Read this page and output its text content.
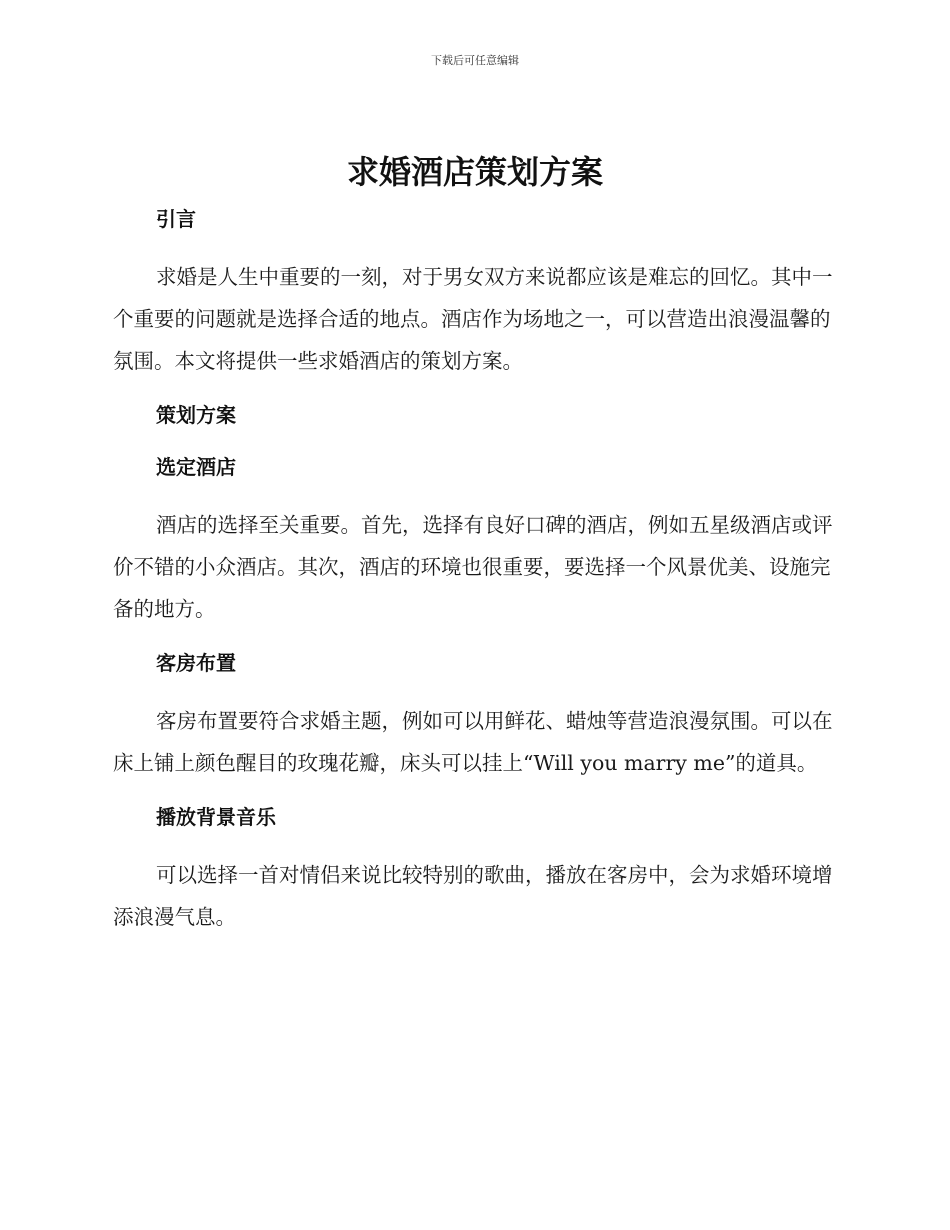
下载后可任意编辑
求婚酒店策划方案

引言

求婚是人生中重要的一刻，对于男女双方来说都应该是难忘的回忆。其中一个重要的问题就是选择合适的地点。酒店作为场地之一，可以营造出浪漫温馨的氛围。本文将提供一些求婚酒店的策划方案。

策划方案

选定酒店

酒店的选择至关重要。首先，选择有良好口碑的酒店，例如五星级酒店或评价不错的小众酒店。其次，酒店的环境也很重要，要选择一个风景优美、设施完备的地方。

客房布置

客房布置要符合求婚主题，例如可以用鲜花、蜡烛等营造浪漫氛围。可以在床上铺上颜色醒目的玫瑰花瓣，床头可以挂上“Will you marry me”的道具。

播放背景音乐

可以选择一首对情侣来说比较特别的歌曲，播放在客房中，会为求婚环境增添浪漫气息。
